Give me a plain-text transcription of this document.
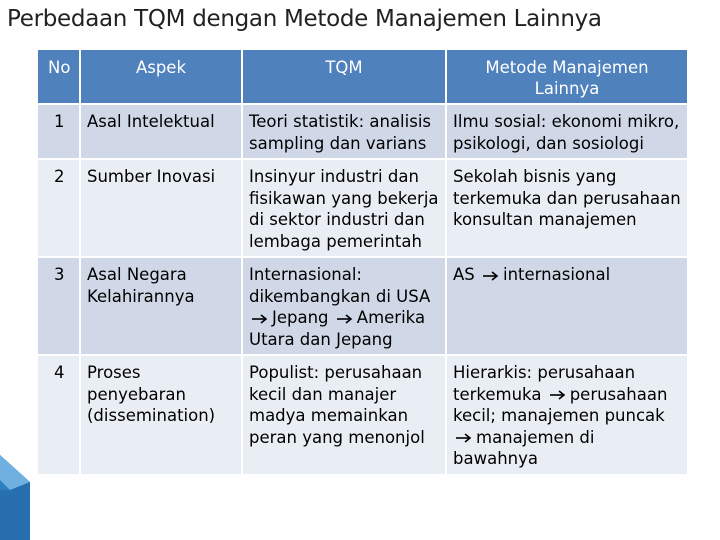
Perbedaan TQM dengan Metode Manajemen Lainnya
No	Aspek	TQM	Metode Manajemen Lainnya
1	Asal Intelektual	Teori statistik: analisis sampling dan varians	Ilmu sosial: ekonomi mikro, psikologi, dan sosiologi
2	Sumber Inovasi	Insinyur industri dan fisikawan yang bekerja di sektor industri dan lembaga pemerintah	Sekolah bisnis yang terkemuka dan perusahaan konsultan manajemen
3	Asal Negara Kelahirannya	Internasional: dikembangkan di USA Jepang Amerika Utara dan Jepang	AS internasional
4	Proses penyebaran (dissemination)	Populist: perusahaan kecil dan manajer madya memainkan peran yang menonjol	Hierarkis: perusahaan terkemuka perusahaan kecil; manajemen puncak manajemen di bawahnya
